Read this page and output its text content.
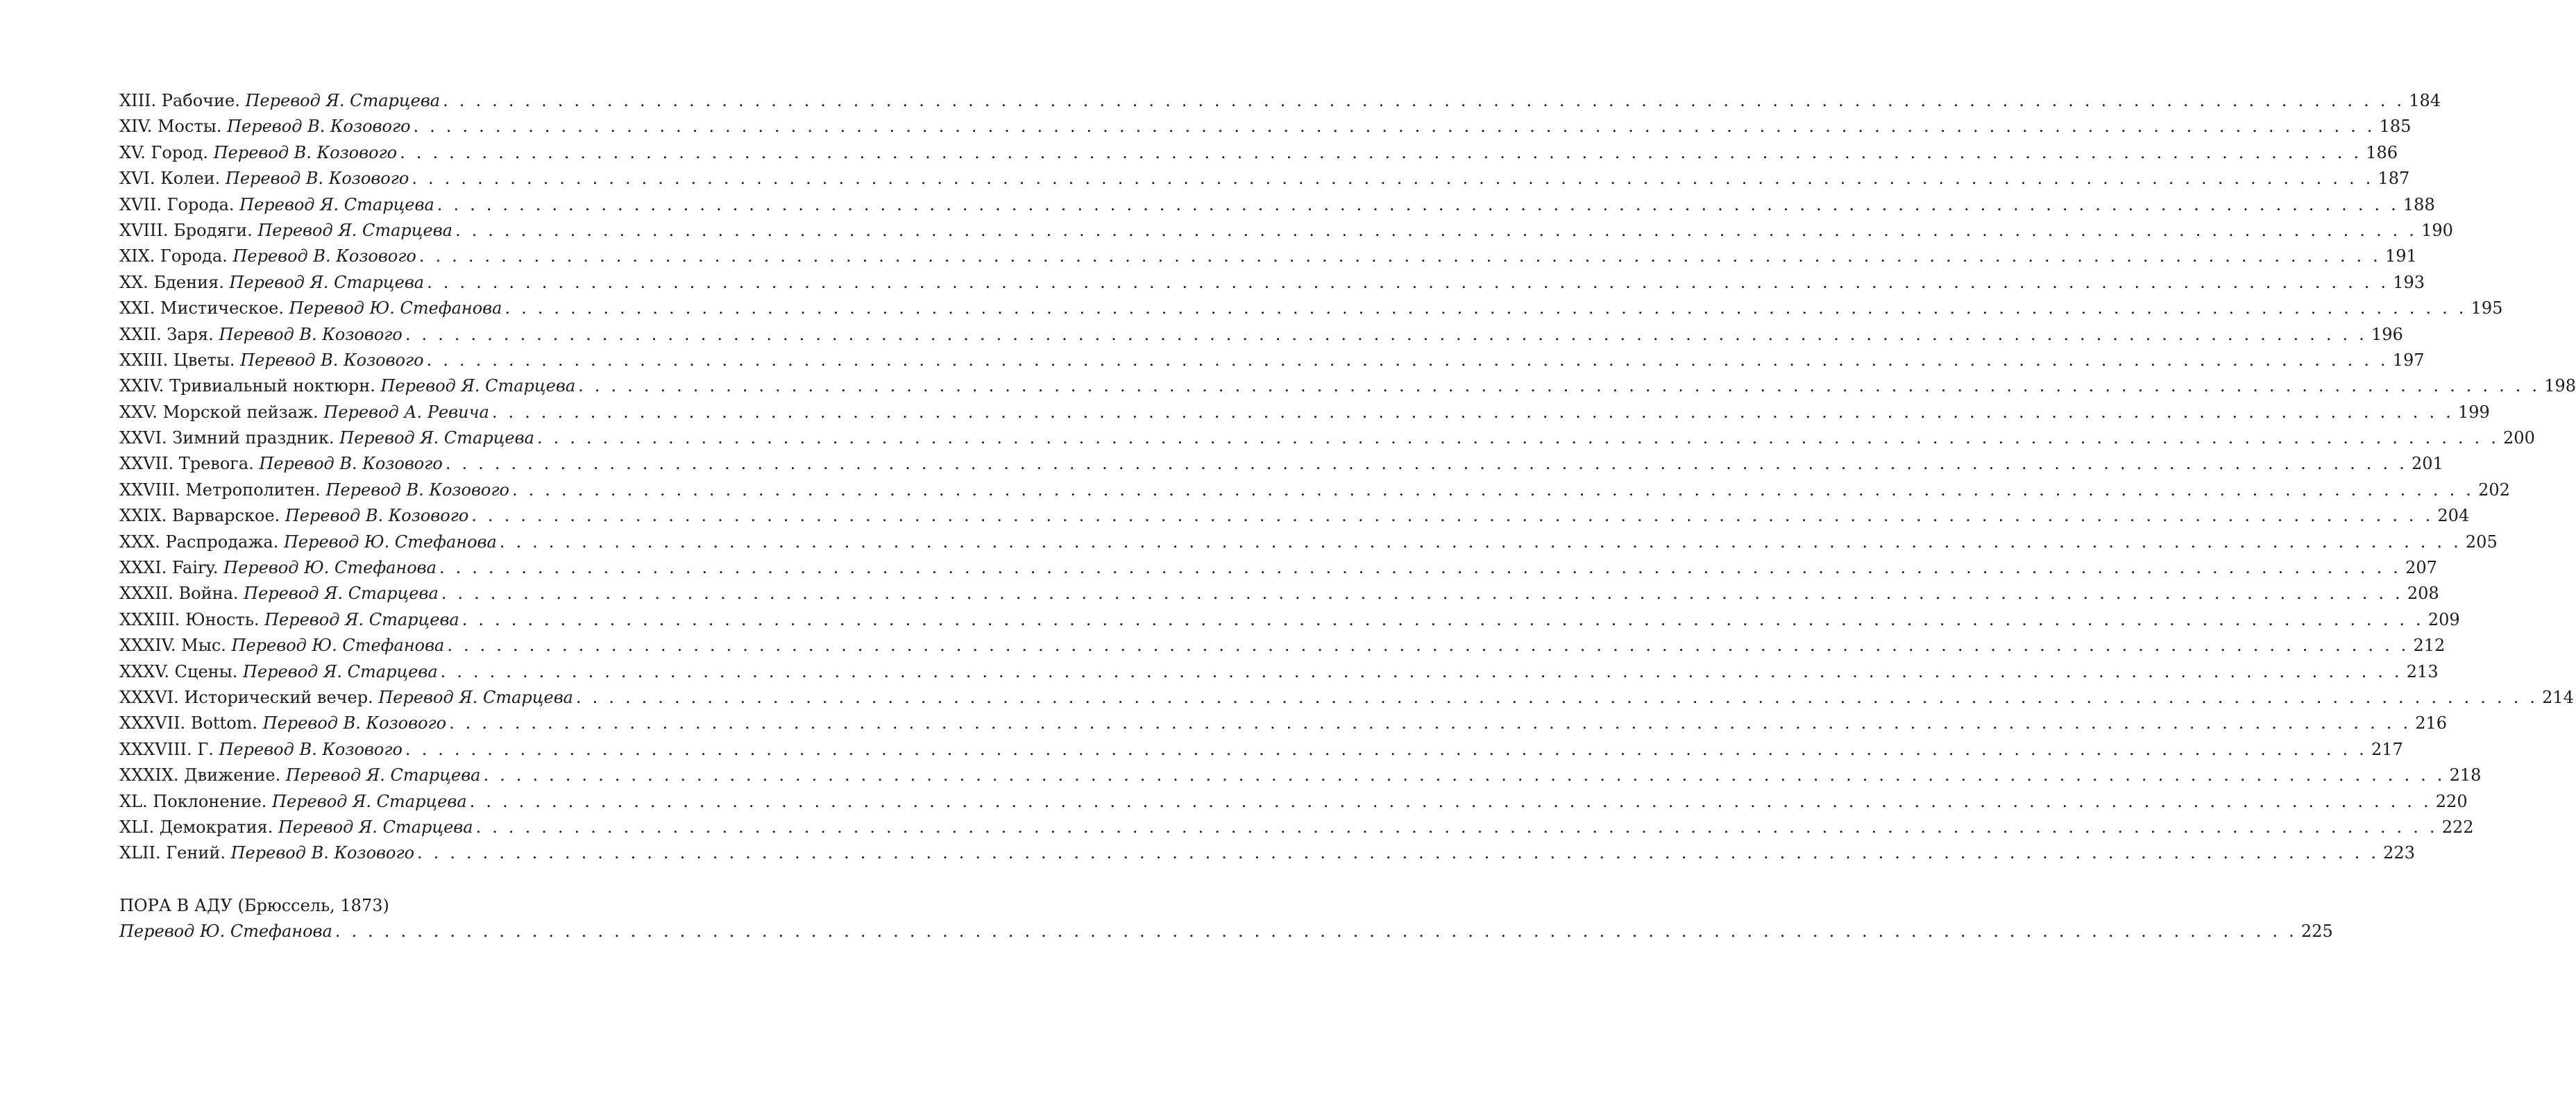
XIII. Рабочие. Перевод Я. Старцева . . . . . . . . . . . . . . . . . . . . . . . . . . . . . . . . . . . . . . . . . . . . . . . . . . . . . . . . . . . . . . . . . . . . . . . . . . . . . . . . . . . . . . . . . . . . . . . . . . . . . . . . . . . . . . . . . . . . . . . . 184
XIV. Мосты. Перевод В. Козового . . . . . . . . . . . . . . . . . . . . . . . . . . . . . . . . . . . . . . . . . . . . . . . . . . . . . . . . . . . . . . . . . . . . . . . . . . . . . . . . . . . . . . . . . . . . . . . . . . . . . . . . . . . . . . . . . . . . . . . . 185
XV. Город. Перевод В. Козового . . . . . . . . . . . . . . . . . . . . . . . . . . . . . . . . . . . . . . . . . . . . . . . . . . . . . . . . . . . . . . . . . . . . . . . . . . . . . . . . . . . . . . . . . . . . . . . . . . . . . . . . . . . . . . . . . . . . . . . . 186
XVI. Колеи. Перевод В. Козового . . . . . . . . . . . . . . . . . . . . . . . . . . . . . . . . . . . . . . . . . . . . . . . . . . . . . . . . . . . . . . . . . . . . . . . . . . . . . . . . . . . . . . . . . . . . . . . . . . . . . . . . . . . . . . . . . . . . . . . . 187
XVII. Города. Перевод Я. Старцева . . . . . . . . . . . . . . . . . . . . . . . . . . . . . . . . . . . . . . . . . . . . . . . . . . . . . . . . . . . . . . . . . . . . . . . . . . . . . . . . . . . . . . . . . . . . . . . . . . . . . . . . . . . . . . . . . . . . . . . . 188
XVIII. Бродяги. Перевод Я. Старцева . . . . . . . . . . . . . . . . . . . . . . . . . . . . . . . . . . . . . . . . . . . . . . . . . . . . . . . . . . . . . . . . . . . . . . . . . . . . . . . . . . . . . . . . . . . . . . . . . . . . . . . . . . . . . . . . . . . . . . . . 190
XIX. Города. Перевод В. Козового . . . . . . . . . . . . . . . . . . . . . . . . . . . . . . . . . . . . . . . . . . . . . . . . . . . . . . . . . . . . . . . . . . . . . . . . . . . . . . . . . . . . . . . . . . . . . . . . . . . . . . . . . . . . . . . . . . . . . . . . 191
XX. Бдения. Перевод Я. Старцева . . . . . . . . . . . . . . . . . . . . . . . . . . . . . . . . . . . . . . . . . . . . . . . . . . . . . . . . . . . . . . . . . . . . . . . . . . . . . . . . . . . . . . . . . . . . . . . . . . . . . . . . . . . . . . . . . . . . . . . . 193
XXI. Мистическое. Перевод Ю. Стефанова . . . . . . . . . . . . . . . . . . . . . . . . . . . . . . . . . . . . . . . . . . . . . . . . . . . . . . . . . . . . . . . . . . . . . . . . . . . . . . . . . . . . . . . . . . . . . . . . . . . . . . . . . . . . . . . . . . . . . . . . 195
XXII. Заря. Перевод В. Козового . . . . . . . . . . . . . . . . . . . . . . . . . . . . . . . . . . . . . . . . . . . . . . . . . . . . . . . . . . . . . . . . . . . . . . . . . . . . . . . . . . . . . . . . . . . . . . . . . . . . . . . . . . . . . . . . . . . . . . . . 196
XXIII. Цветы. Перевод В. Козового . . . . . . . . . . . . . . . . . . . . . . . . . . . . . . . . . . . . . . . . . . . . . . . . . . . . . . . . . . . . . . . . . . . . . . . . . . . . . . . . . . . . . . . . . . . . . . . . . . . . . . . . . . . . . . . . . . . . . . . . 197
XXIV. Тривиальный ноктюрн. Перевод Я. Старцева . . . . . . . . . . . . . . . . . . . . . . . . . . . . . . . . . . . . . . . . . . . . . . . . . . . . . . . . . . . . . . . . . . . . . . . . . . . . . . . . . . . . . . . . . . . . . . . . . . . . . . . . . . . . . . . . . . . . . . . . 198
XXV. Морской пейзаж. Перевод А. Ревича . . . . . . . . . . . . . . . . . . . . . . . . . . . . . . . . . . . . . . . . . . . . . . . . . . . . . . . . . . . . . . . . . . . . . . . . . . . . . . . . . . . . . . . . . . . . . . . . . . . . . . . . . . . . . . . . . . . . . . . . 199
XXVI. Зимний праздник. Перевод Я. Старцева . . . . . . . . . . . . . . . . . . . . . . . . . . . . . . . . . . . . . . . . . . . . . . . . . . . . . . . . . . . . . . . . . . . . . . . . . . . . . . . . . . . . . . . . . . . . . . . . . . . . . . . . . . . . . . . . . . . . . . . . 200
XXVII. Тревога. Перевод В. Козового . . . . . . . . . . . . . . . . . . . . . . . . . . . . . . . . . . . . . . . . . . . . . . . . . . . . . . . . . . . . . . . . . . . . . . . . . . . . . . . . . . . . . . . . . . . . . . . . . . . . . . . . . . . . . . . . . . . . . . . . 201
XXVIII. Метрополитен. Перевод В. Козового . . . . . . . . . . . . . . . . . . . . . . . . . . . . . . . . . . . . . . . . . . . . . . . . . . . . . . . . . . . . . . . . . . . . . . . . . . . . . . . . . . . . . . . . . . . . . . . . . . . . . . . . . . . . . . . . . . . . . . . . 202
XXIX. Варварское. Перевод В. Козового . . . . . . . . . . . . . . . . . . . . . . . . . . . . . . . . . . . . . . . . . . . . . . . . . . . . . . . . . . . . . . . . . . . . . . . . . . . . . . . . . . . . . . . . . . . . . . . . . . . . . . . . . . . . . . . . . . . . . . . . 204
XXX. Распродажа. Перевод Ю. Стефанова . . . . . . . . . . . . . . . . . . . . . . . . . . . . . . . . . . . . . . . . . . . . . . . . . . . . . . . . . . . . . . . . . . . . . . . . . . . . . . . . . . . . . . . . . . . . . . . . . . . . . . . . . . . . . . . . . . . . . . . . 205
XXXI. Fairy. Перевод Ю. Стефанова . . . . . . . . . . . . . . . . . . . . . . . . . . . . . . . . . . . . . . . . . . . . . . . . . . . . . . . . . . . . . . . . . . . . . . . . . . . . . . . . . . . . . . . . . . . . . . . . . . . . . . . . . . . . . . . . . . . . . . . . 207
XXXII. Война. Перевод Я. Старцева . . . . . . . . . . . . . . . . . . . . . . . . . . . . . . . . . . . . . . . . . . . . . . . . . . . . . . . . . . . . . . . . . . . . . . . . . . . . . . . . . . . . . . . . . . . . . . . . . . . . . . . . . . . . . . . . . . . . . . . . 208
XXXIII. Юность. Перевод Я. Старцева . . . . . . . . . . . . . . . . . . . . . . . . . . . . . . . . . . . . . . . . . . . . . . . . . . . . . . . . . . . . . . . . . . . . . . . . . . . . . . . . . . . . . . . . . . . . . . . . . . . . . . . . . . . . . . . . . . . . . . . . 209
XXXIV. Мыс. Перевод Ю. Стефанова . . . . . . . . . . . . . . . . . . . . . . . . . . . . . . . . . . . . . . . . . . . . . . . . . . . . . . . . . . . . . . . . . . . . . . . . . . . . . . . . . . . . . . . . . . . . . . . . . . . . . . . . . . . . . . . . . . . . . . . . 212
XXXV. Сцены. Перевод Я. Старцева . . . . . . . . . . . . . . . . . . . . . . . . . . . . . . . . . . . . . . . . . . . . . . . . . . . . . . . . . . . . . . . . . . . . . . . . . . . . . . . . . . . . . . . . . . . . . . . . . . . . . . . . . . . . . . . . . . . . . . . . 213
XXXVI. Исторический вечер. Перевод Я. Старцева . . . . . . . . . . . . . . . . . . . . . . . . . . . . . . . . . . . . . . . . . . . . . . . . . . . . . . . . . . . . . . . . . . . . . . . . . . . . . . . . . . . . . . . . . . . . . . . . . . . . . . . . . . . . . . . . . . . . . . . . 214
XXXVII. Bottom. Перевод В. Козового . . . . . . . . . . . . . . . . . . . . . . . . . . . . . . . . . . . . . . . . . . . . . . . . . . . . . . . . . . . . . . . . . . . . . . . . . . . . . . . . . . . . . . . . . . . . . . . . . . . . . . . . . . . . . . . . . . . . . . . . 216
XXXVIII. Г. Перевод В. Козового . . . . . . . . . . . . . . . . . . . . . . . . . . . . . . . . . . . . . . . . . . . . . . . . . . . . . . . . . . . . . . . . . . . . . . . . . . . . . . . . . . . . . . . . . . . . . . . . . . . . . . . . . . . . . . . . . . . . . . . . 217
XXXIX. Движение. Перевод Я. Старцева . . . . . . . . . . . . . . . . . . . . . . . . . . . . . . . . . . . . . . . . . . . . . . . . . . . . . . . . . . . . . . . . . . . . . . . . . . . . . . . . . . . . . . . . . . . . . . . . . . . . . . . . . . . . . . . . . . . . . . . . 218
XL. Поклонение. Перевод Я. Старцева . . . . . . . . . . . . . . . . . . . . . . . . . . . . . . . . . . . . . . . . . . . . . . . . . . . . . . . . . . . . . . . . . . . . . . . . . . . . . . . . . . . . . . . . . . . . . . . . . . . . . . . . . . . . . . . . . . . . . . . . 220
XLI. Демократия. Перевод Я. Старцева . . . . . . . . . . . . . . . . . . . . . . . . . . . . . . . . . . . . . . . . . . . . . . . . . . . . . . . . . . . . . . . . . . . . . . . . . . . . . . . . . . . . . . . . . . . . . . . . . . . . . . . . . . . . . . . . . . . . . . . . 222
XLII. Гений. Перевод В. Козового . . . . . . . . . . . . . . . . . . . . . . . . . . . . . . . . . . . . . . . . . . . . . . . . . . . . . . . . . . . . . . . . . . . . . . . . . . . . . . . . . . . . . . . . . . . . . . . . . . . . . . . . . . . . . . . . . . . . . . . . 223
ПОРА В АДУ (Брюссель, 1873)
Перевод Ю. Стефанова . . . . . . . . . . . . . . . . . . . . . . . . . . . . . . . . . . . . . . . . . . . . . . . . . . . . . . . . . . . . . . . . . . . . . . . . . . . . . . . . . . . . . . . . . . . . . . . . . . . . . . . . . . . . . . . . . . . . . . . . 225
